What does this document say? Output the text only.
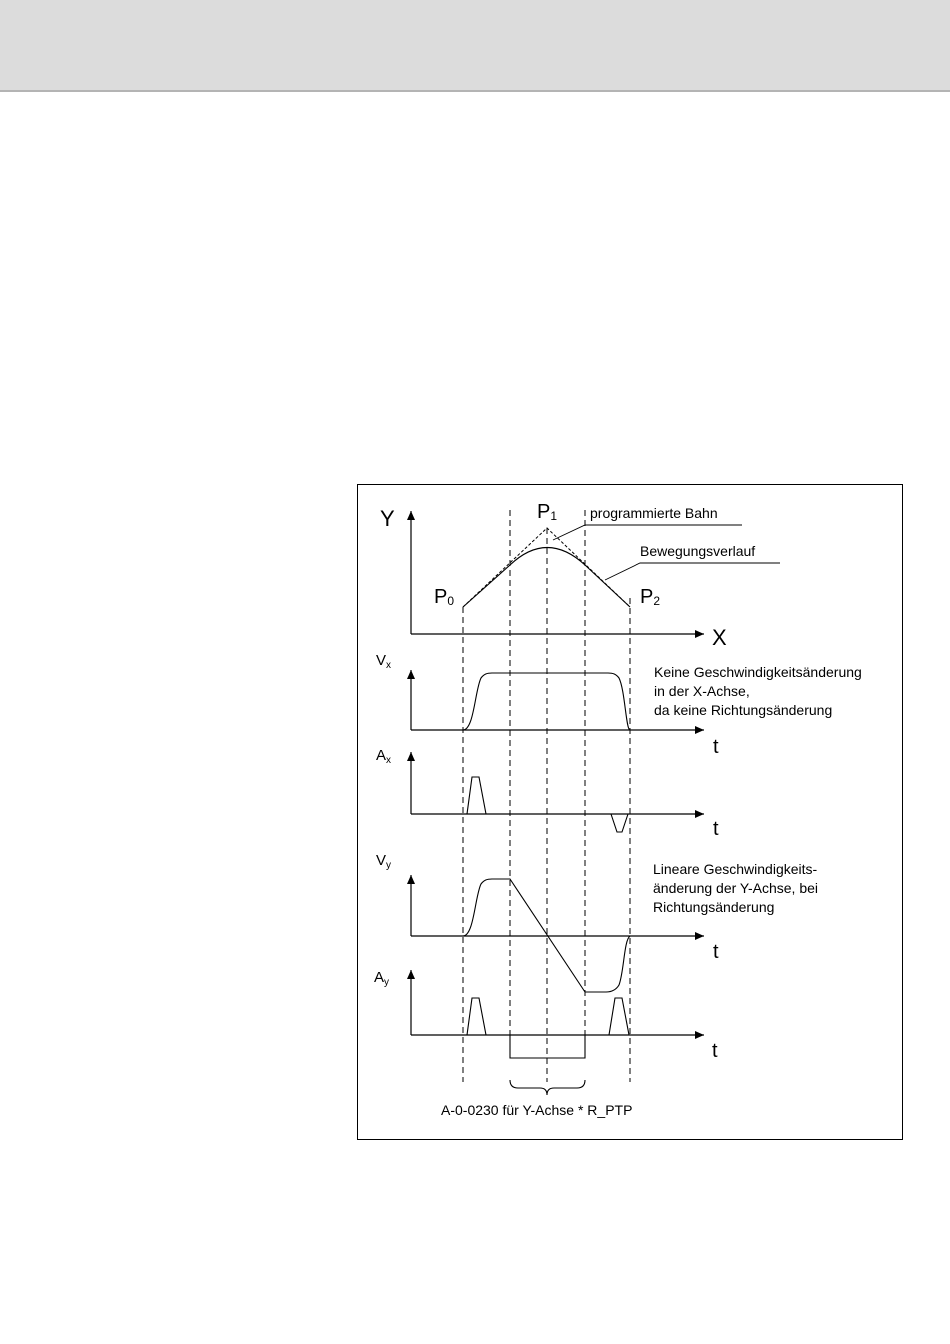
Y
X
P0
P1
P2
programmierte Bahn
Bewegungsverlauf
Vx
t
Keine Geschwindigkeitsänderung in der X-Achse, da keine Richtungsänderung
Ax
t
Vy
t
Lineare Geschwindigkeits- änderung der Y-Achse, bei Richtungsänderung
Ay
t
A-0-0230 für Y-Achse * R_PTP
